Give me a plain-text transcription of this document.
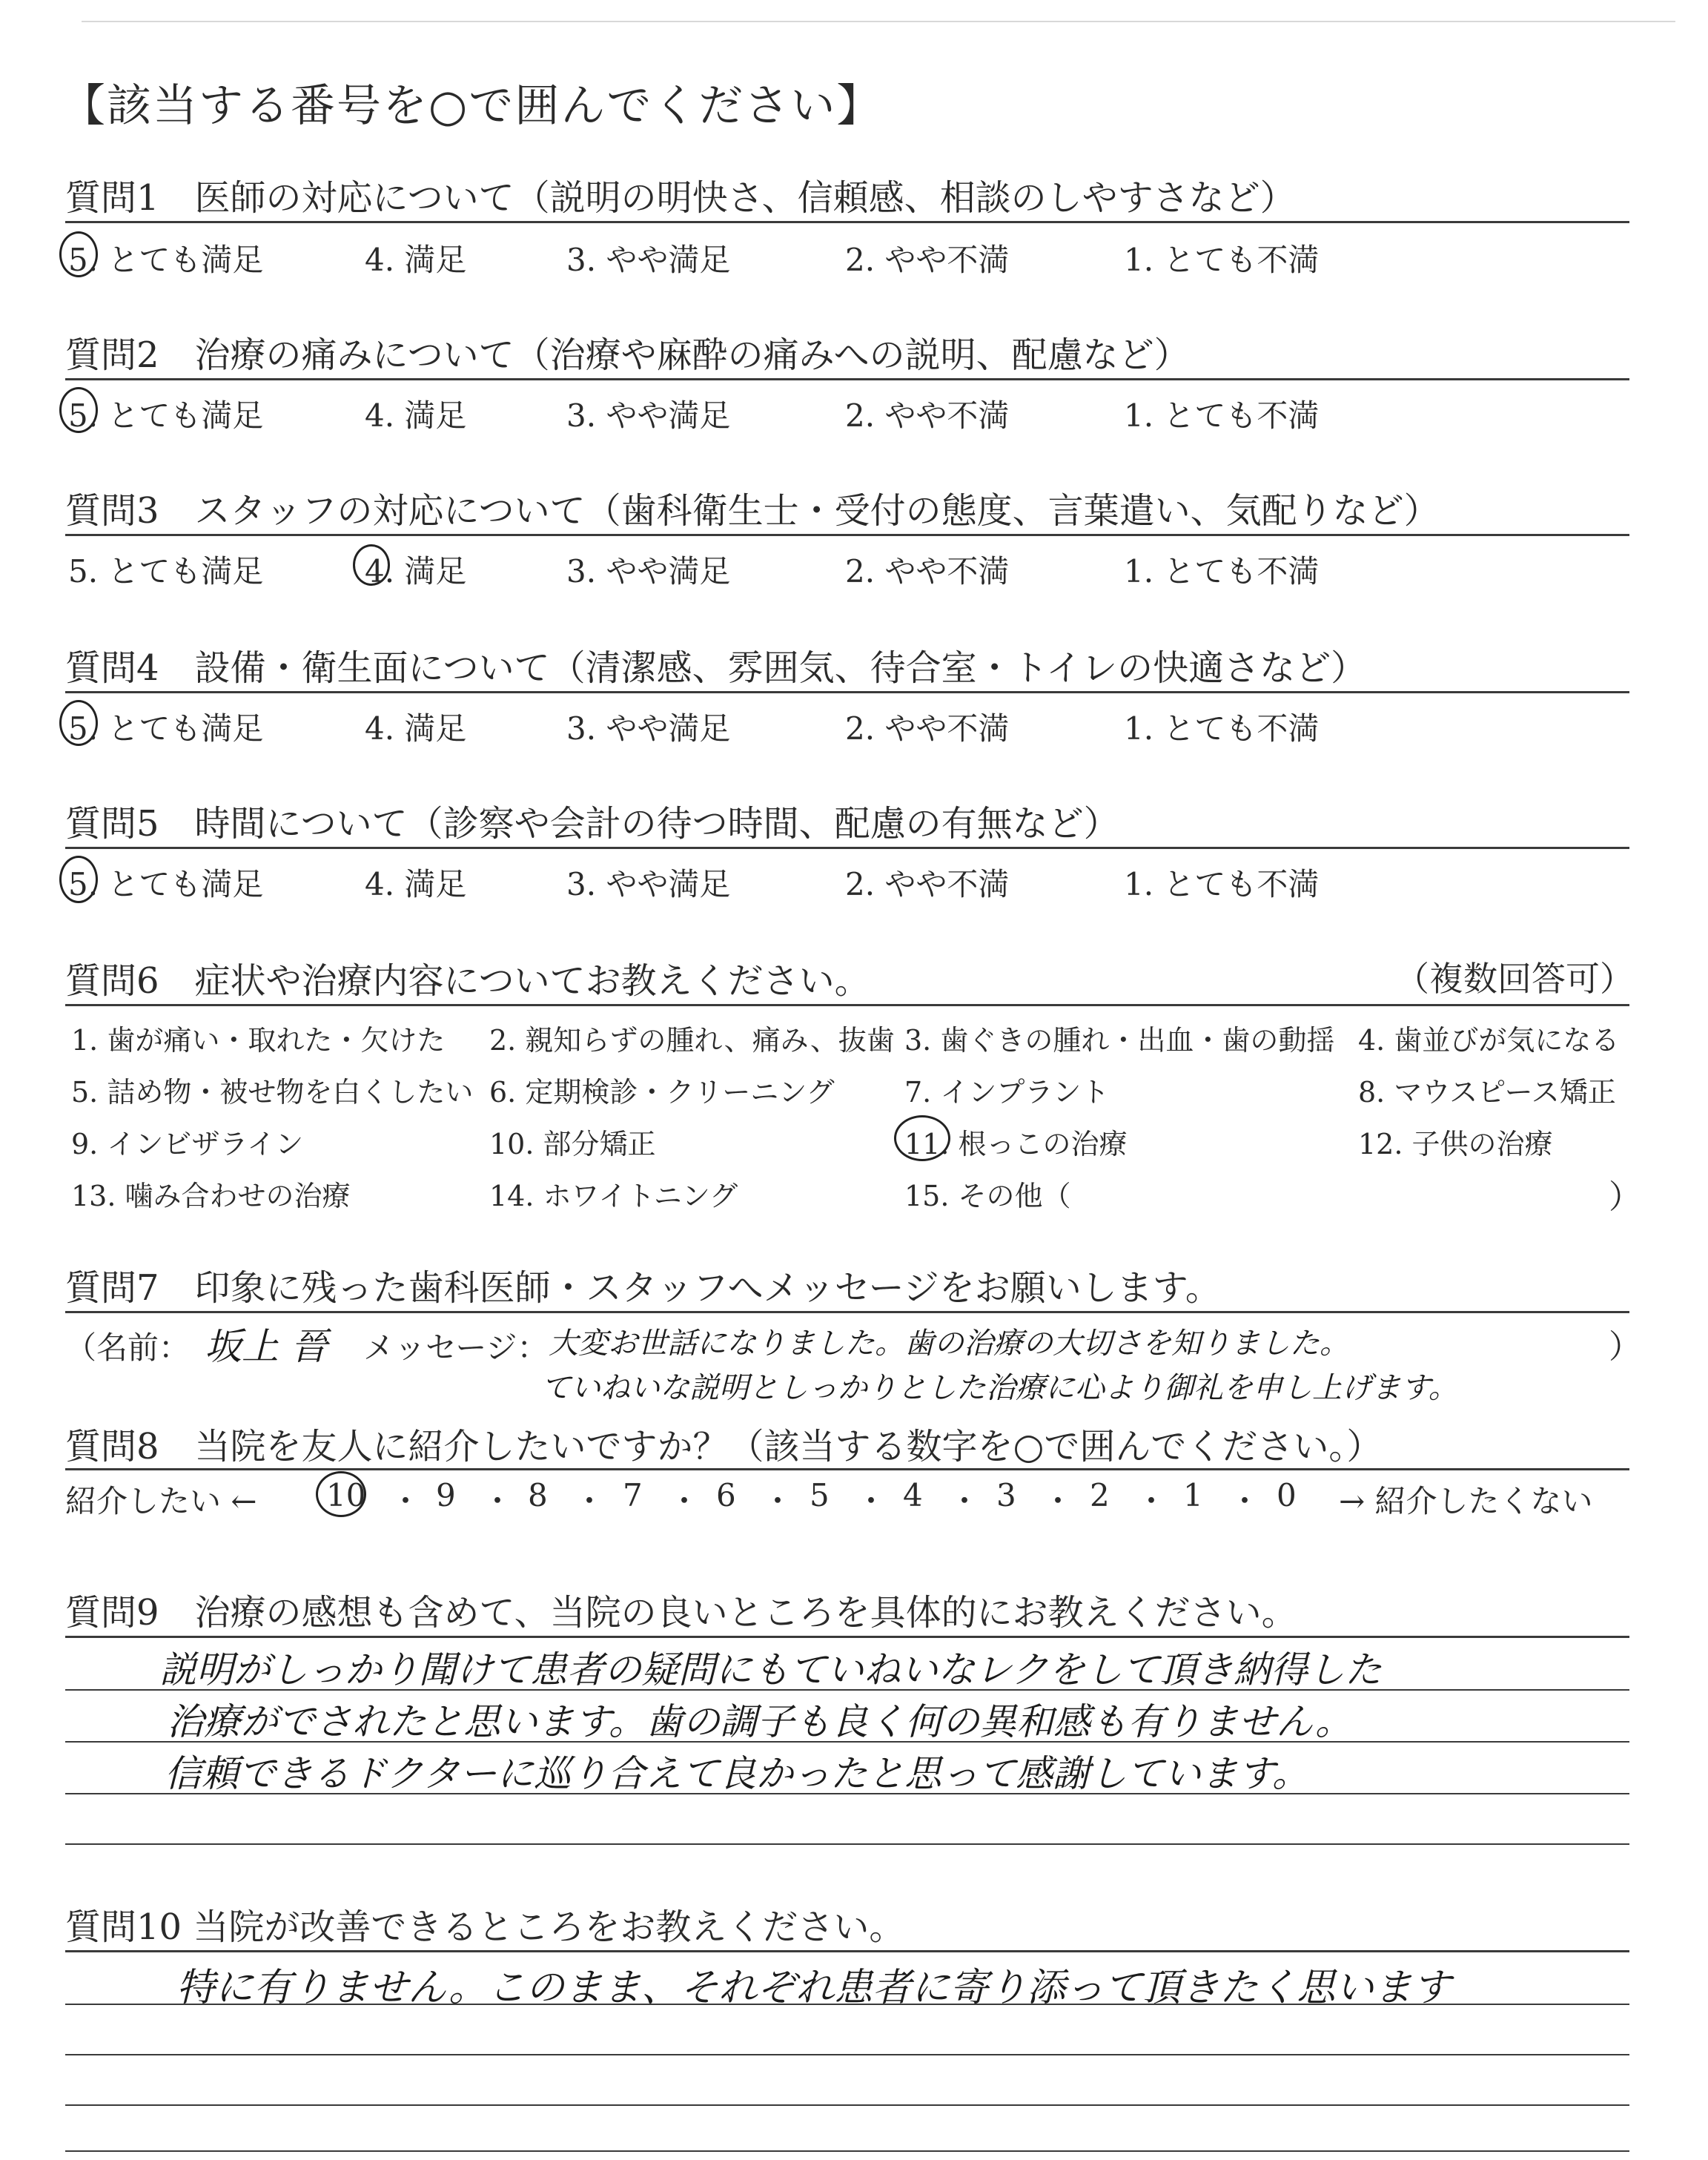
【該当する番号を○で囲んでください】
質問1　医師の対応について（説明の明快さ、信頼感、相談のしやすさなど）
5. とても満足	4. 満足	3. やや満足	2. やや不満	1. とても不満
質問2　治療の痛みについて（治療や麻酔の痛みへの説明、配慮など）
5. とても満足	4. 満足	3. やや満足	2. やや不満	1. とても不満
質問3　スタッフの対応について（歯科衛生士・受付の態度、言葉遣い、気配りなど）
5. とても満足	4. 満足	3. やや満足	2. やや不満	1. とても不満
質問4　設備・衛生面について（清潔感、雰囲気、待合室・トイレの快適さなど）
5. とても満足	4. 満足	3. やや満足	2. やや不満	1. とても不満
質問5　時間について（診察や会計の待つ時間、配慮の有無など）
5. とても満足	4. 満足	3. やや満足	2. やや不満	1. とても不満
質問6　症状や治療内容についてお教えください。	（複数回答可）
1. 歯が痛い・取れた・欠けた 2. 親知らずの腫れ、痛み、抜歯 3. 歯ぐきの腫れ・出血・歯の動揺 4. 歯並びが気になる
5. 詰め物・被せ物を白くしたい 6. 定期検診・クリーニング 7. インプラント	8. マウスピース矯正
9. インビザライン	10. 部分矯正	11. 根っこの治療	12. 子供の治療
13. 噛み合わせの治療	14. ホワイトニング	15. その他（	）
質問7　印象に残った歯科医師・スタッフへメッセージをお願いします。
（名前： 坂上 晉 メッセージ： 大変お世話になりました。歯の治療の大切さを知りました。	）
ていねいな説明としっかりとした治療に心より御礼を申し上げます。
質問8　当院を友人に紹介したいですか？（該当する数字を○で囲んでください。）
紹介したい ← 10 ・ 9 ・ 8 ・ 7 ・ 6 ・ 5 ・ 4 ・ 3 ・ 2 ・ 1 ・ 0 → 紹介したくない
質問9　治療の感想も含めて、当院の良いところを具体的にお教えください。
説明がしっかり聞けて患者の疑問にもていねいなレクをして頂き納得した
治療がでされたと思います。歯の調子も良く何の異和感も有りません。
信頼できるドクターに巡り合えて良かったと思って感謝しています。
質問10 当院が改善できるところをお教えください。
特に有りません。このまま、それぞれ患者に寄り添って頂きたく思います
